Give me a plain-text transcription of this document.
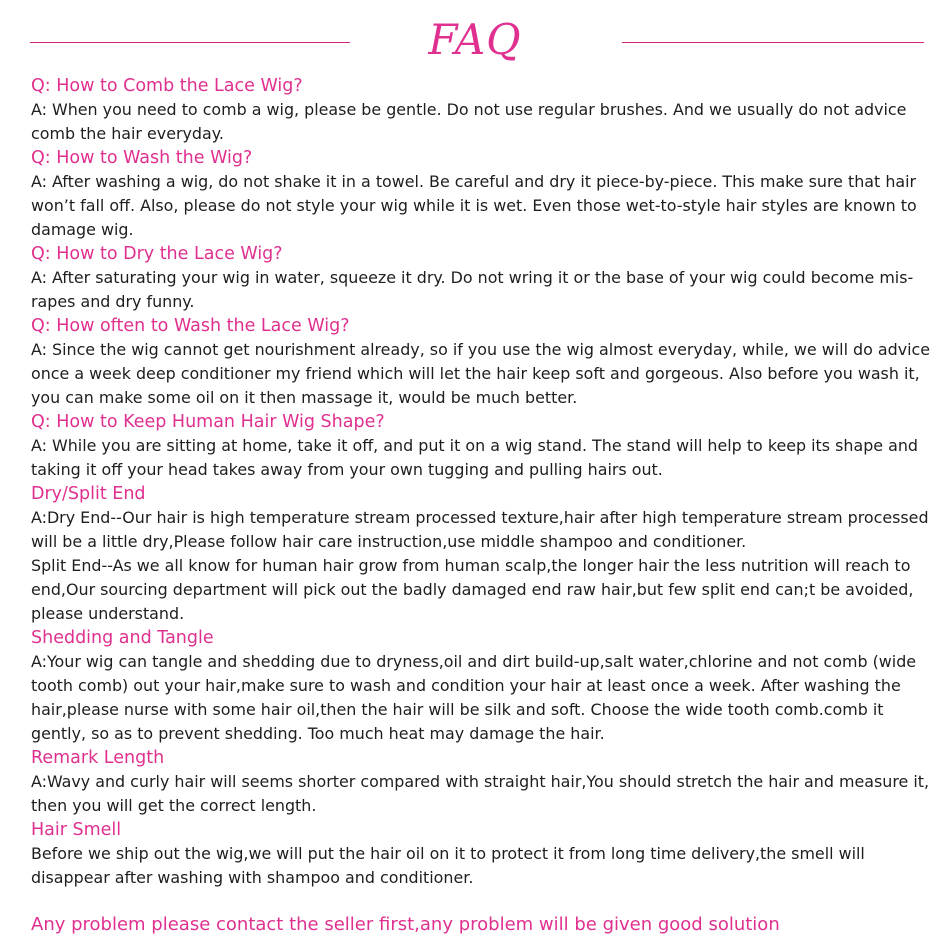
FAQ

Q: How to Comb the Lace Wig?

A: When you need to comb a wig, please be gentle. Do not use regular brushes. And we usually do not advice comb the hair everyday.

Q: How to Wash the Wig?

A: After washing a wig, do not shake it in a towel. Be careful and dry it piece-by-piece. This make sure that hair won’t fall off. Also, please do not style your wig while it is wet. Even those wet-to-style hair styles are known to damage wig.

Q: How to Dry the Lace Wig?

A: After saturating your wig in water, squeeze it dry. Do not wring it or the base of your wig could become mis-rapes and dry funny.

Q: How often to Wash the Lace Wig?

A: Since the wig cannot get nourishment already, so if you use the wig almost everyday, while, we will do advice once a week deep conditioner my friend which will let the hair keep soft and gorgeous. Also before you wash it, you can make some oil on it then massage it, would be much better.

Q: How to Keep Human Hair Wig Shape?

A: While you are sitting at home, take it off, and put it on a wig stand. The stand will help to keep its shape and taking it off your head takes away from your own tugging and pulling hairs out.

Dry/Split End

A:Dry End--Our hair is high temperature stream processed texture,hair after high temperature stream processed will be a little dry,Please follow hair care instruction,use middle shampoo and conditioner.

Split End--As we all know for human hair grow from human scalp,the longer hair the less nutrition will reach to end,Our sourcing department will pick out the badly damaged end raw hair,but few split end can;t be avoided, please understand.

Shedding and Tangle

A:Your wig can tangle and shedding due to dryness,oil and dirt build-up,salt water,chlorine and not comb (wide tooth comb) out your hair,make sure to wash and condition your hair at least once a week. After washing the hair,please nurse with some hair oil,then the hair will be silk and soft. Choose the wide tooth comb.comb it gently, so as to prevent shedding. Too much heat may damage the hair.

Remark Length

A:Wavy and curly hair will seems shorter compared with straight hair,You should stretch the hair and measure it, then you will get the correct length.

Hair Smell

Before we ship out the wig,we will put the hair oil on it to protect it from long time delivery,the smell will disappear after washing with shampoo and conditioner.

Any problem please contact the seller first,any problem will be given good solution
